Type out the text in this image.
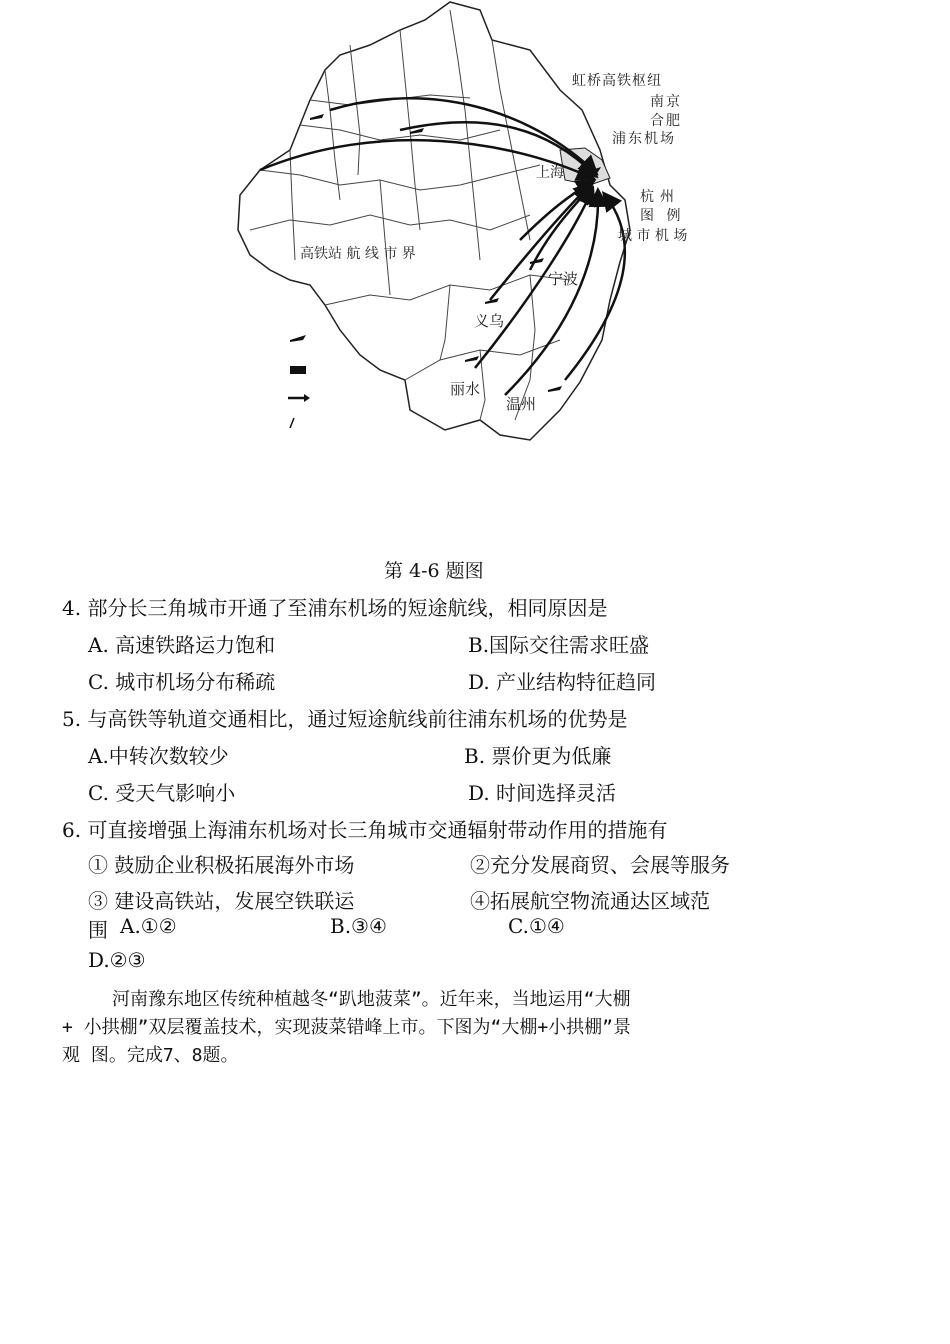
虹桥高铁枢纽
南京
合肥
浦东机场
杭州
图 例
城 市 机 场
高铁站 航 线 市 界
上海
宁波
义乌
丽水
温州
第 4-6 题图
4. 部分长三角城市开通了至浦东机场的短途航线，相同原因是
A. 高速铁路运力饱和	B.国际交往需求旺盛
C. 城市机场分布稀疏	D. 产业结构特征趋同
5. 与高铁等轨道交通相比，通过短途航线前往浦东机场的优势是
A.中转次数较少	B. 票价更为低廉
C. 受天气影响小	D. 时间选择灵活
6. 可直接增强上海浦东机场对长三角城市交通辐射带动作用的措施有
① 鼓励企业积极拓展海外市场	②充分发展商贸、会展等服务
③ 建设高铁站，发展空铁联运	④拓展航空物流通达区域范
围 A.①②	B.③④	C.①④
D.②③
河南豫东地区传统种植越冬“趴地菠菜”。近年来，当地运用“大棚
+ 小拱棚”双层覆盖技术，实现菠菜错峰上市。下图为“大棚+小拱棚”景
观 图。完成7、8题。
